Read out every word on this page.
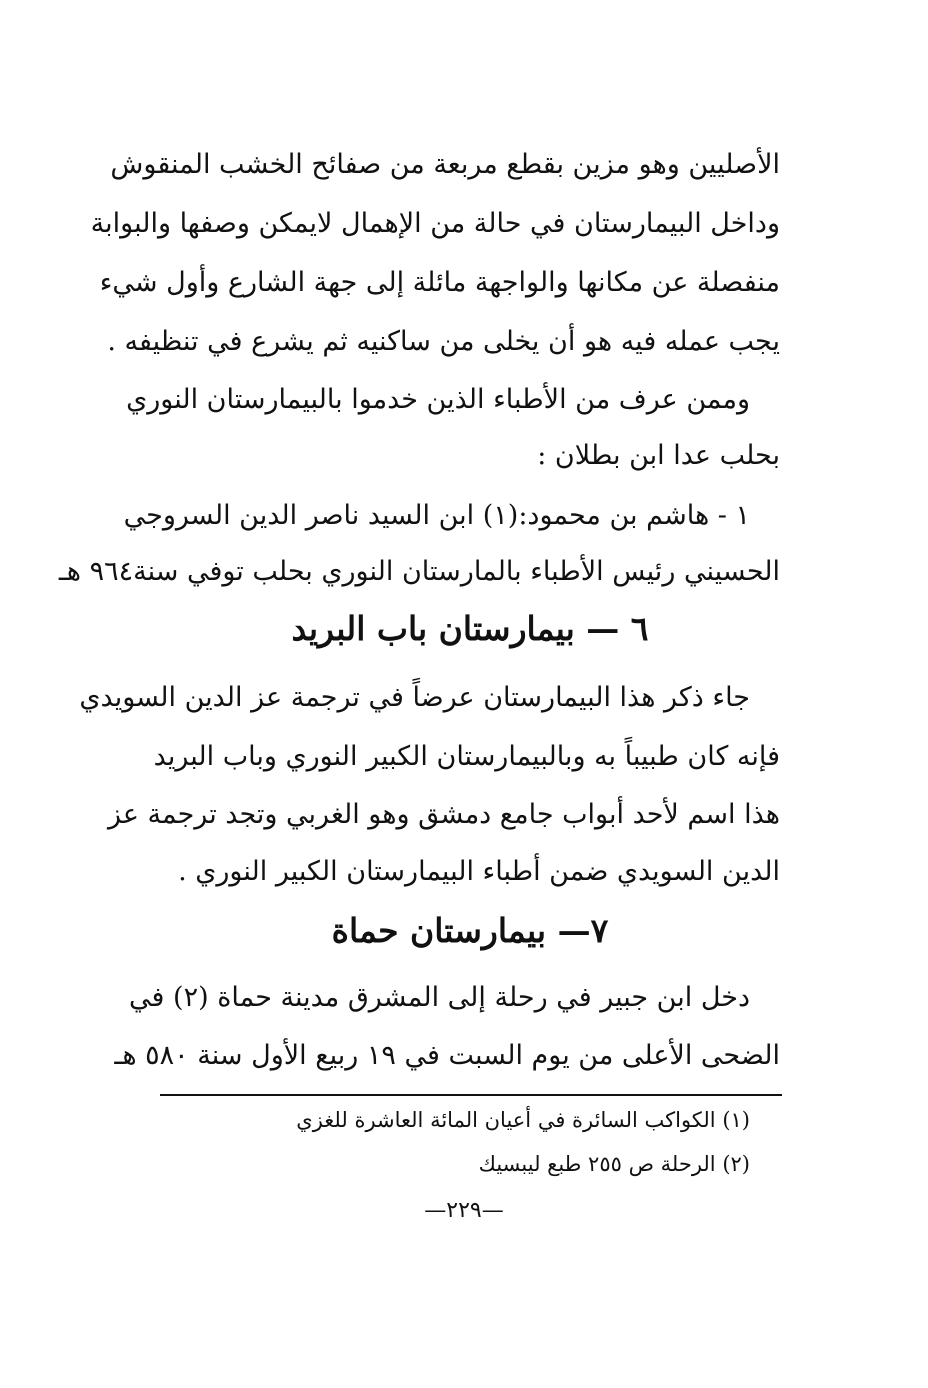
الأصليين وهو مزين بقطع مربعة من صفائح الخشب المنقوش
وداخل البيمارستان في حالة من الإهمال لايمكن وصفها والبوابة
منفصلة عن مكانها والواجهة مائلة إلى جهة الشارع وأول شيء
يجب عمله فيه هو أن يخلى من ساكنيه ثم يشرع في تنظيفه .
وممن عرف من الأطباء الذين خدموا بالبيمارستان النوري
بحلب عدا ابن بطلان :
١ - هاشم بن محمود:(١) ابن السيد ناصر الدين السروجي
الحسيني رئيس الأطباء بالمارستان النوري بحلب توفي سنة٩٦٤ هـ
٦ — بيمارستان باب البريد
جاء ذكر هذا البيمارستان عرضاً في ترجمة عز الدين السويدي
فإنه كان طبيباً به وبالبيمارستان الكبير النوري وباب البريد
هذا اسم لأحد أبواب جامع دمشق وهو الغربي وتجد ترجمة عز
الدين السويدي ضمن أطباء البيمارستان الكبير النوري .
٧— بيمارستان حماة
دخل ابن جبير في رحلة إلى المشرق مدينة حماة (٢) في
الضحى الأعلى من يوم السبت في ١٩ ربيع الأول سنة ٥٨٠ هـ
(١) الكواكب السائرة في أعيان المائة العاشرة للغزي
(٢) الرحلة ص ٢٥٥ طبع ليبسيك
—٢٢٩—
